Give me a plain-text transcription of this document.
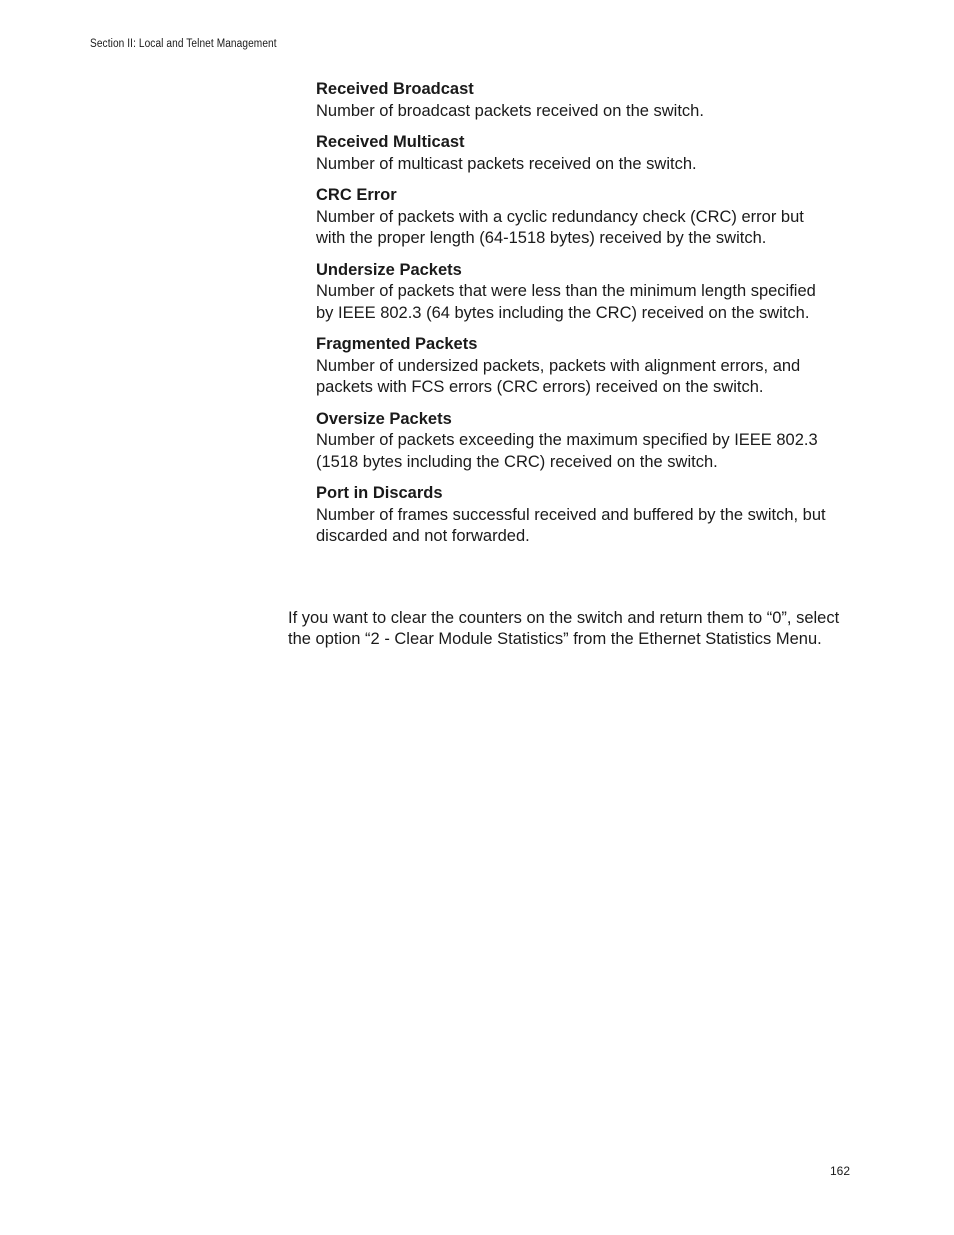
Section II: Local and Telnet Management
Received Broadcast
Number of broadcast packets received on the switch.
Received Multicast
Number of multicast packets received on the switch.
CRC Error
Number of packets with a cyclic redundancy check (CRC) error but with the proper length (64-1518 bytes) received by the switch.
Undersize Packets
Number of packets that were less than the minimum length specified by IEEE 802.3 (64 bytes including the CRC) received on the switch.
Fragmented Packets
Number of undersized packets, packets with alignment errors, and packets with FCS errors (CRC errors) received on the switch.
Oversize Packets
Number of packets exceeding the maximum specified by IEEE 802.3 (1518 bytes including the CRC) received on the switch.
Port in Discards
Number of frames successful received and buffered by the switch, but discarded and not forwarded.

If you want to clear the counters on the switch and return them to “0”, select the option “2 - Clear Module Statistics” from the Ethernet Statistics Menu.

162
